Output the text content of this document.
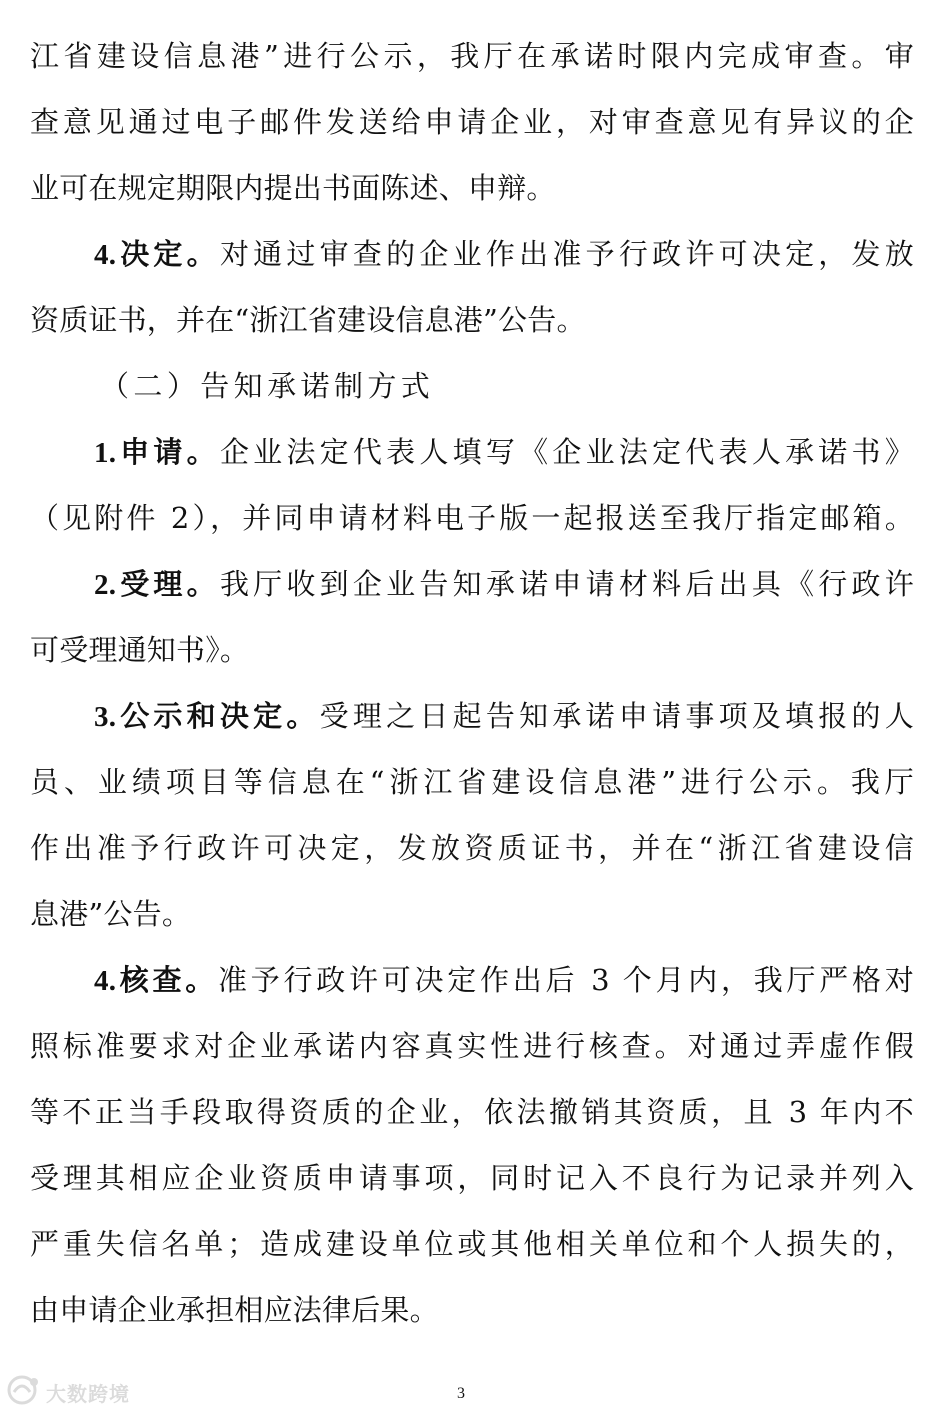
江省建设信息港”进行公示，我厅在承诺时限内完成审查。审
查意见通过电子邮件发送给申请企业，对审查意见有异议的企
业可在规定期限内提出书面陈述、申辩。
4.决定。对通过审查的企业作出准予行政许可决定，发放
资质证书，并在“浙江省建设信息港”公告。
（二）告知承诺制方式
1.申请。企业法定代表人填写《企业法定代表人承诺书》
（见附件 2），并同申请材料电子版一起报送至我厅指定邮箱。
2.受理。我厅收到企业告知承诺申请材料后出具《行政许
可受理通知书》。
3.公示和决定。受理之日起告知承诺申请事项及填报的人
员、业绩项目等信息在“浙江省建设信息港”进行公示。我厅
作出准予行政许可决定，发放资质证书，并在“浙江省建设信
息港”公告。
4.核查。准予行政许可决定作出后 3 个月内，我厅严格对
照标准要求对企业承诺内容真实性进行核查。对通过弄虚作假
等不正当手段取得资质的企业，依法撤销其资质，且 3 年内不
受理其相应企业资质申请事项，同时记入不良行为记录并列入
严重失信名单；造成建设单位或其他相关单位和个人损失的，
由申请企业承担相应法律后果。
大数跨境	3
